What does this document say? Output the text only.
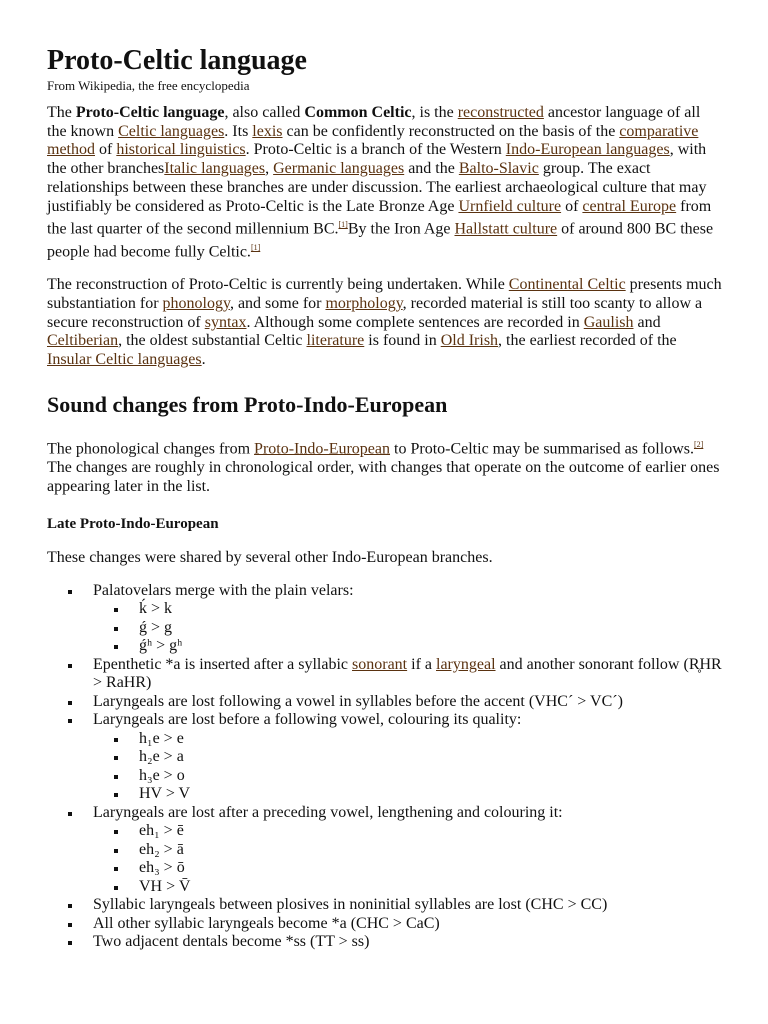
Proto-Celtic language
From Wikipedia, the free encyclopedia

The Proto-Celtic language, also called Common Celtic, is the reconstructed ancestor language of all the known Celtic languages. Its lexis can be confidently reconstructed on the basis of the comparative method of historical linguistics. Proto-Celtic is a branch of the Western Indo-European languages, with the other branchesItalic languages, Germanic languages and the Balto-Slavic group. The exact relationships between these branches are under discussion. The earliest archaeological culture that may justifiably be considered as Proto-Celtic is the Late Bronze Age Urnfield culture of central Europe from the last quarter of the second millennium BC.[1]By the Iron Age Hallstatt culture of around 800 BC these people had become fully Celtic.[1]

The reconstruction of Proto-Celtic is currently being undertaken. While Continental Celtic presents much substantiation for phonology, and some for morphology, recorded material is still too scanty to allow a secure reconstruction of syntax. Although some complete sentences are recorded in Gaulish and Celtiberian, the oldest substantial Celtic literature is found in Old Irish, the earliest recorded of the Insular Celtic languages.

Sound changes from Proto-Indo-European

The phonological changes from Proto-Indo-European to Proto-Celtic may be summarised as follows.[2] The changes are roughly in chronological order, with changes that operate on the outcome of earlier ones appearing later in the list.

Late Proto-Indo-European

These changes were shared by several other Indo-European branches.

Palatovelars merge with the plain velars:
ḱ > k
ǵ > g
ǵʰ > gʰ
Epenthetic *a is inserted after a syllabic sonorant if a laryngeal and another sonorant follow (R̥HR > RaHR)
Laryngeals are lost following a vowel in syllables before the accent (VHC´ > VC´)
Laryngeals are lost before a following vowel, colouring its quality:
h₁e > e
h₂e > a
h₃e > o
HV > V
Laryngeals are lost after a preceding vowel, lengthening and colouring it:
eh₁ > ē
eh₂ > ā
eh₃ > ō
VH > V̄
Syllabic laryngeals between plosives in noninitial syllables are lost (CHC > CC)
All other syllabic laryngeals become *a (CHC > CaC)
Two adjacent dentals become *ss (TT > ss)
